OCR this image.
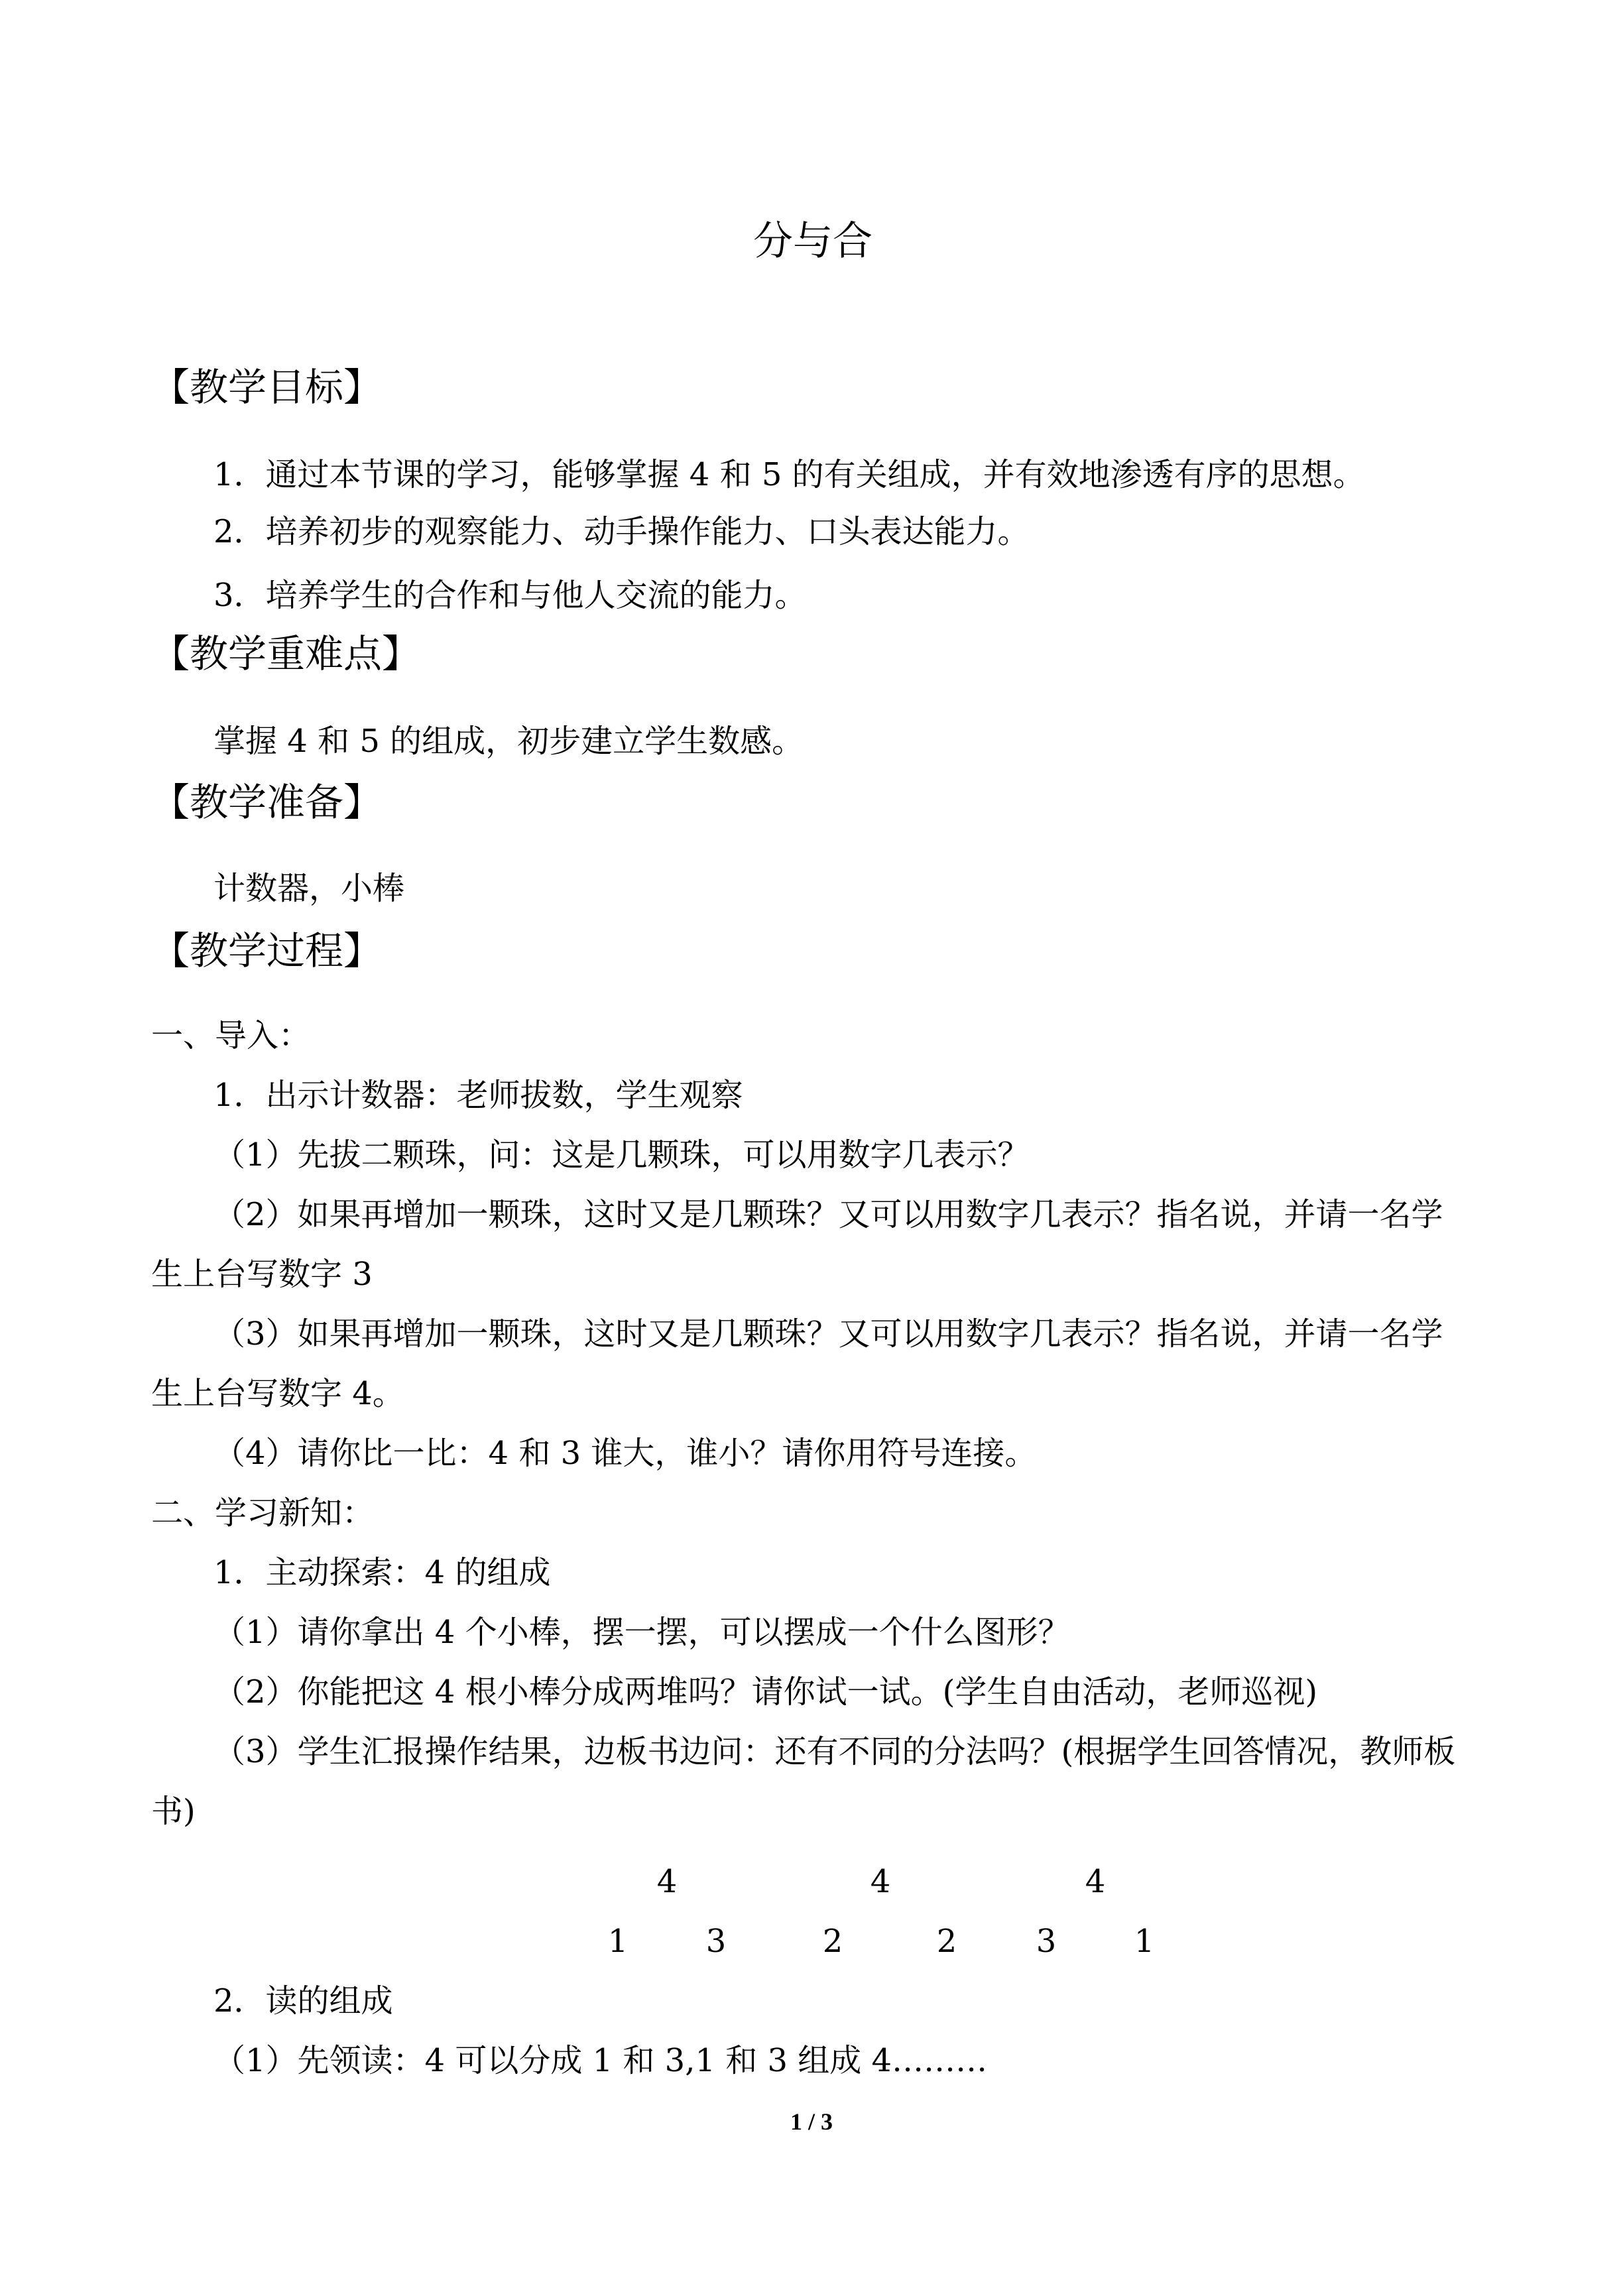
分与合
【教学目标】
1．通过本节课的学习，能够掌握 4 和 5 的有关组成，并有效地渗透有序的思想。
2．培养初步的观察能力、动手操作能力、口头表达能力。
3．培养学生的合作和与他人交流的能力。
【教学重难点】
掌握 4 和 5 的组成，初步建立学生数感。
【教学准备】
计数器，小棒
【教学过程】
一、导入：
1．出示计数器：老师拔数，学生观察
（1）先拔二颗珠，问：这是几颗珠，可以用数字几表示？
（2）如果再增加一颗珠，这时又是几颗珠？又可以用数字几表示？指名说，并请一名学
生上台写数字 3
（3）如果再增加一颗珠，这时又是几颗珠？又可以用数字几表示？指名说，并请一名学
生上台写数字 4。
（4）请你比一比：4 和 3 谁大，谁小？请你用符号连接。
二、学习新知：
1．主动探索：4 的组成
（1）请你拿出 4 个小棒，摆一摆，可以摆成一个什么图形？
（2）你能把这 4 根小棒分成两堆吗？请你试一试。(学生自由活动，老师巡视)
（3）学生汇报操作结果，边板书边问：还有不同的分法吗？(根据学生回答情况，教师板
书)
4	4	4
1	3	2	2	3	1
2．读的组成
（1）先领读：4 可以分成 1 和 3,1 和 3 组成 4………
1 / 3
